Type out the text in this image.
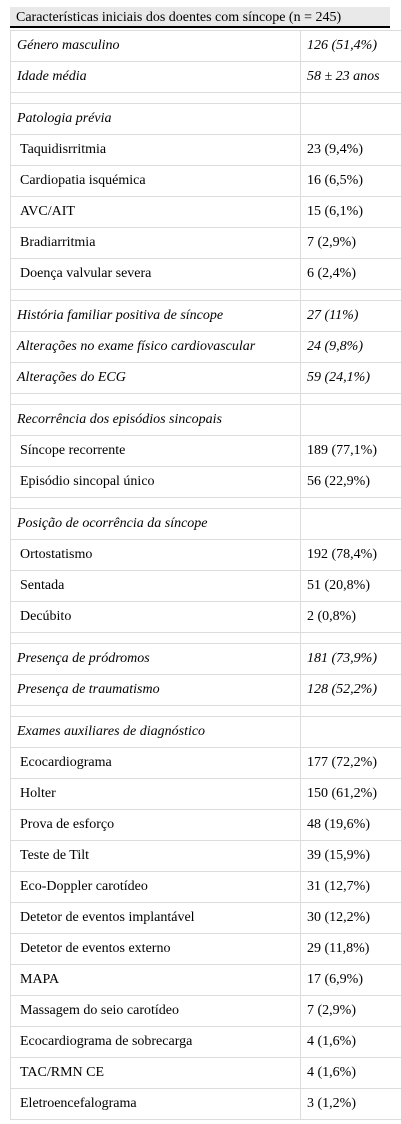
Características iniciais dos doentes com síncope (n = 245)
Género masculino	126 (51,4%)
Idade média	58 ± 23 anos

Patologia prévia	
Taquidisrritmia	23 (9,4%)
Cardiopatia isquémica	16 (6,5%)
AVC/AIT	15 (6,1%)
Bradiarritmia	7 (2,9%)
Doença valvular severa	6 (2,4%)

História familiar positiva de síncope	27 (11%)
Alterações no exame físico cardiovascular	24 (9,8%)
Alterações do ECG	59 (24,1%)

Recorrência dos episódios sincopais	
Síncope recorrente	189 (77,1%)
Episódio sincopal único	56 (22,9%)

Posição de ocorrência da síncope	
Ortostatismo	192 (78,4%)
Sentada	51 (20,8%)
Decúbito	2 (0,8%)

Presença de pródromos	181 (73,9%)
Presença de traumatismo	128 (52,2%)

Exames auxiliares de diagnóstico	
Ecocardiograma	177 (72,2%)
Holter	150 (61,2%)
Prova de esforço	48 (19,6%)
Teste de Tilt	39 (15,9%)
Eco-Doppler carotídeo	31 (12,7%)
Detetor de eventos implantável	30 (12,2%)
Detetor de eventos externo	29 (11,8%)
MAPA	17 (6,9%)
Massagem do seio carotídeo	7 (2,9%)
Ecocardiograma de sobrecarga	4 (1,6%)
TAC/RMN CE	4 (1,6%)
Eletroencefalograma	3 (1,2%)
